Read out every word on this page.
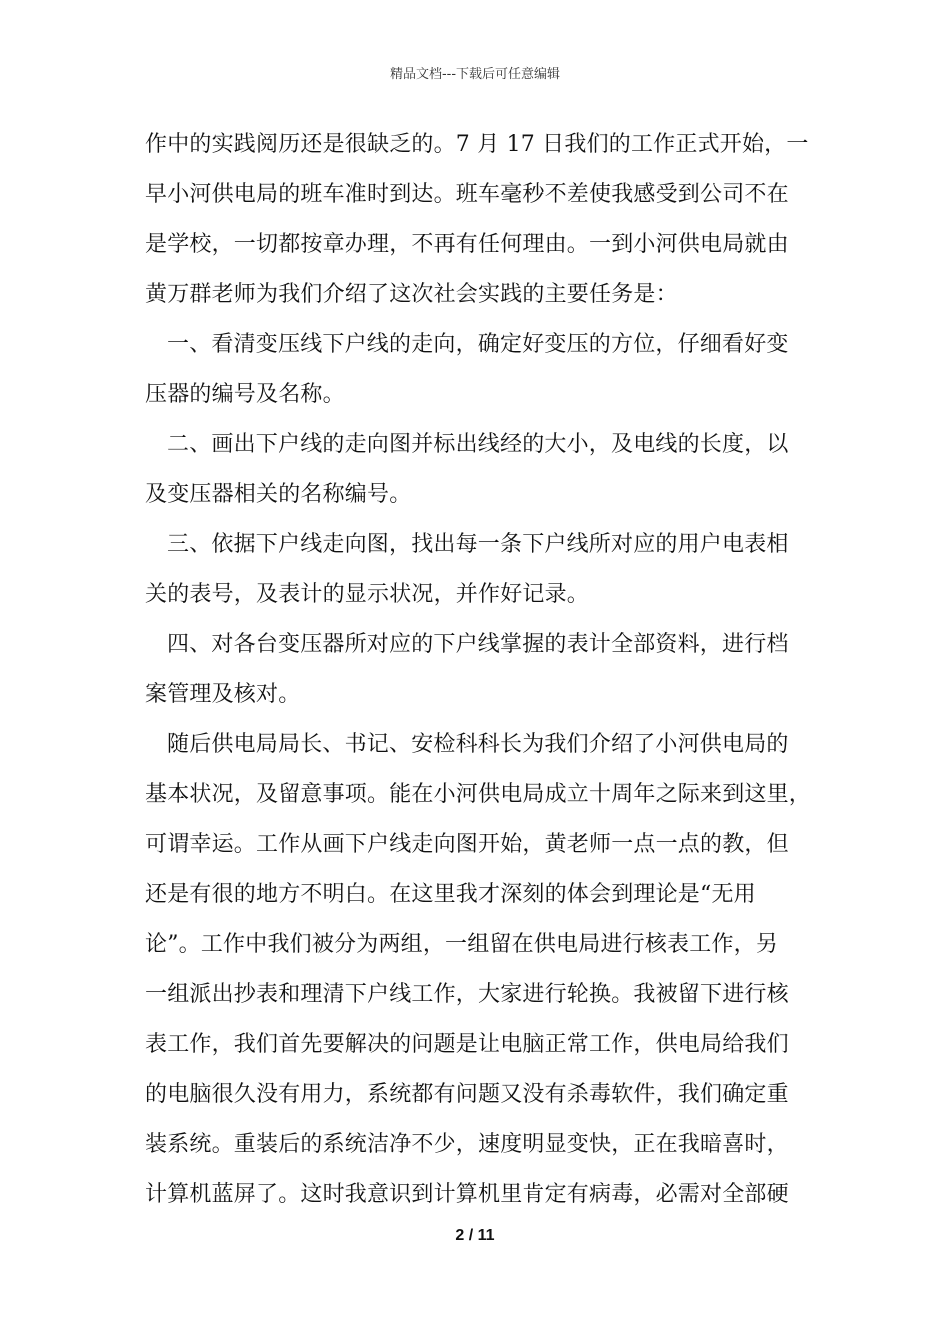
精品文档---下载后可任意编辑
作中的实践阅历还是很缺乏的。7 月 17 日我们的工作正式开始，一
早小河供电局的班车准时到达。班车毫秒不差使我感受到公司不在
是学校，一切都按章办理，不再有任何理由。一到小河供电局就由
黄万群老师为我们介绍了这次社会实践的主要任务是：
一、看清变压线下户线的走向，确定好变压的方位，仔细看好变
压器的编号及名称。
二、画出下户线的走向图并标出线经的大小，及电线的长度，以
及变压器相关的名称编号。
三、依据下户线走向图，找出每一条下户线所对应的用户电表相
关的表号，及表计的显示状况，并作好记录。
四、对各台变压器所对应的下户线掌握的表计全部资料，进行档
案管理及核对。
随后供电局局长、书记、安检科科长为我们介绍了小河供电局的
基本状况，及留意事项。能在小河供电局成立十周年之际来到这里，
可谓幸运。工作从画下户线走向图开始，黄老师一点一点的教，但
还是有很的地方不明白。在这里我才深刻的体会到理论是“无用
论”。工作中我们被分为两组，一组留在供电局进行核表工作，另
一组派出抄表和理清下户线工作，大家进行轮换。我被留下进行核
表工作，我们首先要解决的问题是让电脑正常工作，供电局给我们
的电脑很久没有用力，系统都有问题又没有杀毒软件，我们确定重
装系统。重装后的系统洁净不少，速度明显变快，正在我暗喜时，
计算机蓝屏了。这时我意识到计算机里肯定有病毒，必需对全部硬
2 / 11
